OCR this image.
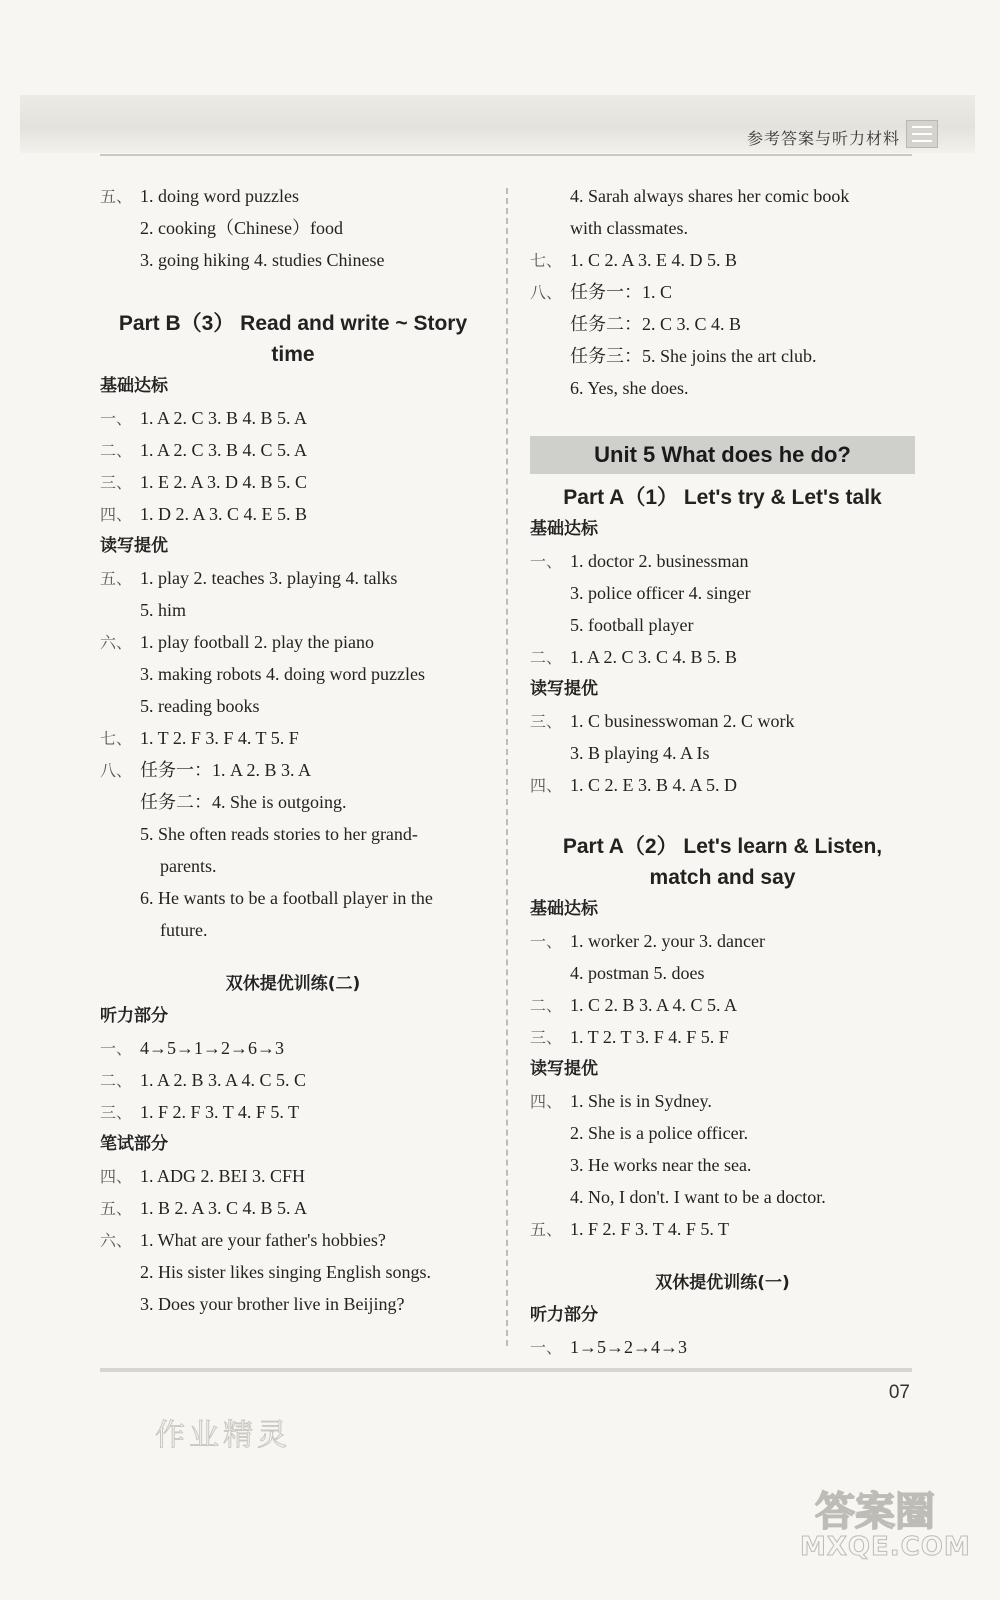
参考答案与听力材料
五、 1. doing word puzzles
2. cooking（Chinese）food
3. going hiking 4. studies Chinese
Part B（3） Read and write ~ Story
time
基础达标
一、 1. A 2. C 3. B 4. B 5. A
二、 1. A 2. C 3. B 4. C 5. A
三、 1. E 2. A 3. D 4. B 5. C
四、 1. D 2. A 3. C 4. E 5. B
读写提优
五、 1. play 2. teaches 3. playing 4. talks
5. him
六、 1. play football 2. play the piano
3. making robots 4. doing word puzzles
5. reading books
七、 1. T 2. F 3. F 4. T 5. F
八、 任务一：1. A 2. B 3. A
任务二：4. She is outgoing.
5. She often reads stories to her grand-
parents.
6. He wants to be a football player in the
future.
双休提优训练(二)
听力部分
一、 4→5→1→2→6→3
二、 1. A 2. B 3. A 4. C 5. C
三、 1. F 2. F 3. T 4. F 5. T
笔试部分
四、 1. ADG 2. BEI 3. CFH
五、 1. B 2. A 3. C 4. B 5. A
六、 1. What are your father's hobbies?
2. His sister likes singing English songs.
3. Does your brother live in Beijing?
4. Sarah always shares her comic book
with classmates.
七、 1. C 2. A 3. E 4. D 5. B
八、 任务一：1. C
任务二：2. C 3. C 4. B
任务三：5. She joins the art club.
6. Yes, she does.
Unit 5 What does he do?
Part A（1） Let's try & Let's talk
基础达标
一、 1. doctor 2. businessman
3. police officer 4. singer
5. football player
二、 1. A 2. C 3. C 4. B 5. B
读写提优
三、 1. C businesswoman 2. C work
3. B playing 4. A Is
四、 1. C 2. E 3. B 4. A 5. D
Part A（2） Let's learn & Listen,
match and say
基础达标
一、 1. worker 2. your 3. dancer
4. postman 5. does
二、 1. C 2. B 3. A 4. C 5. A
三、 1. T 2. T 3. F 4. F 5. F
读写提优
四、 1. She is in Sydney.
2. She is a police officer.
3. He works near the sea.
4. No, I don't. I want to be a doctor.
五、 1. F 2. F 3. T 4. F 5. T
双休提优训练(一)
听力部分
一、 1→5→2→4→3
07
作业精灵
答案圈
MXQE.COM
